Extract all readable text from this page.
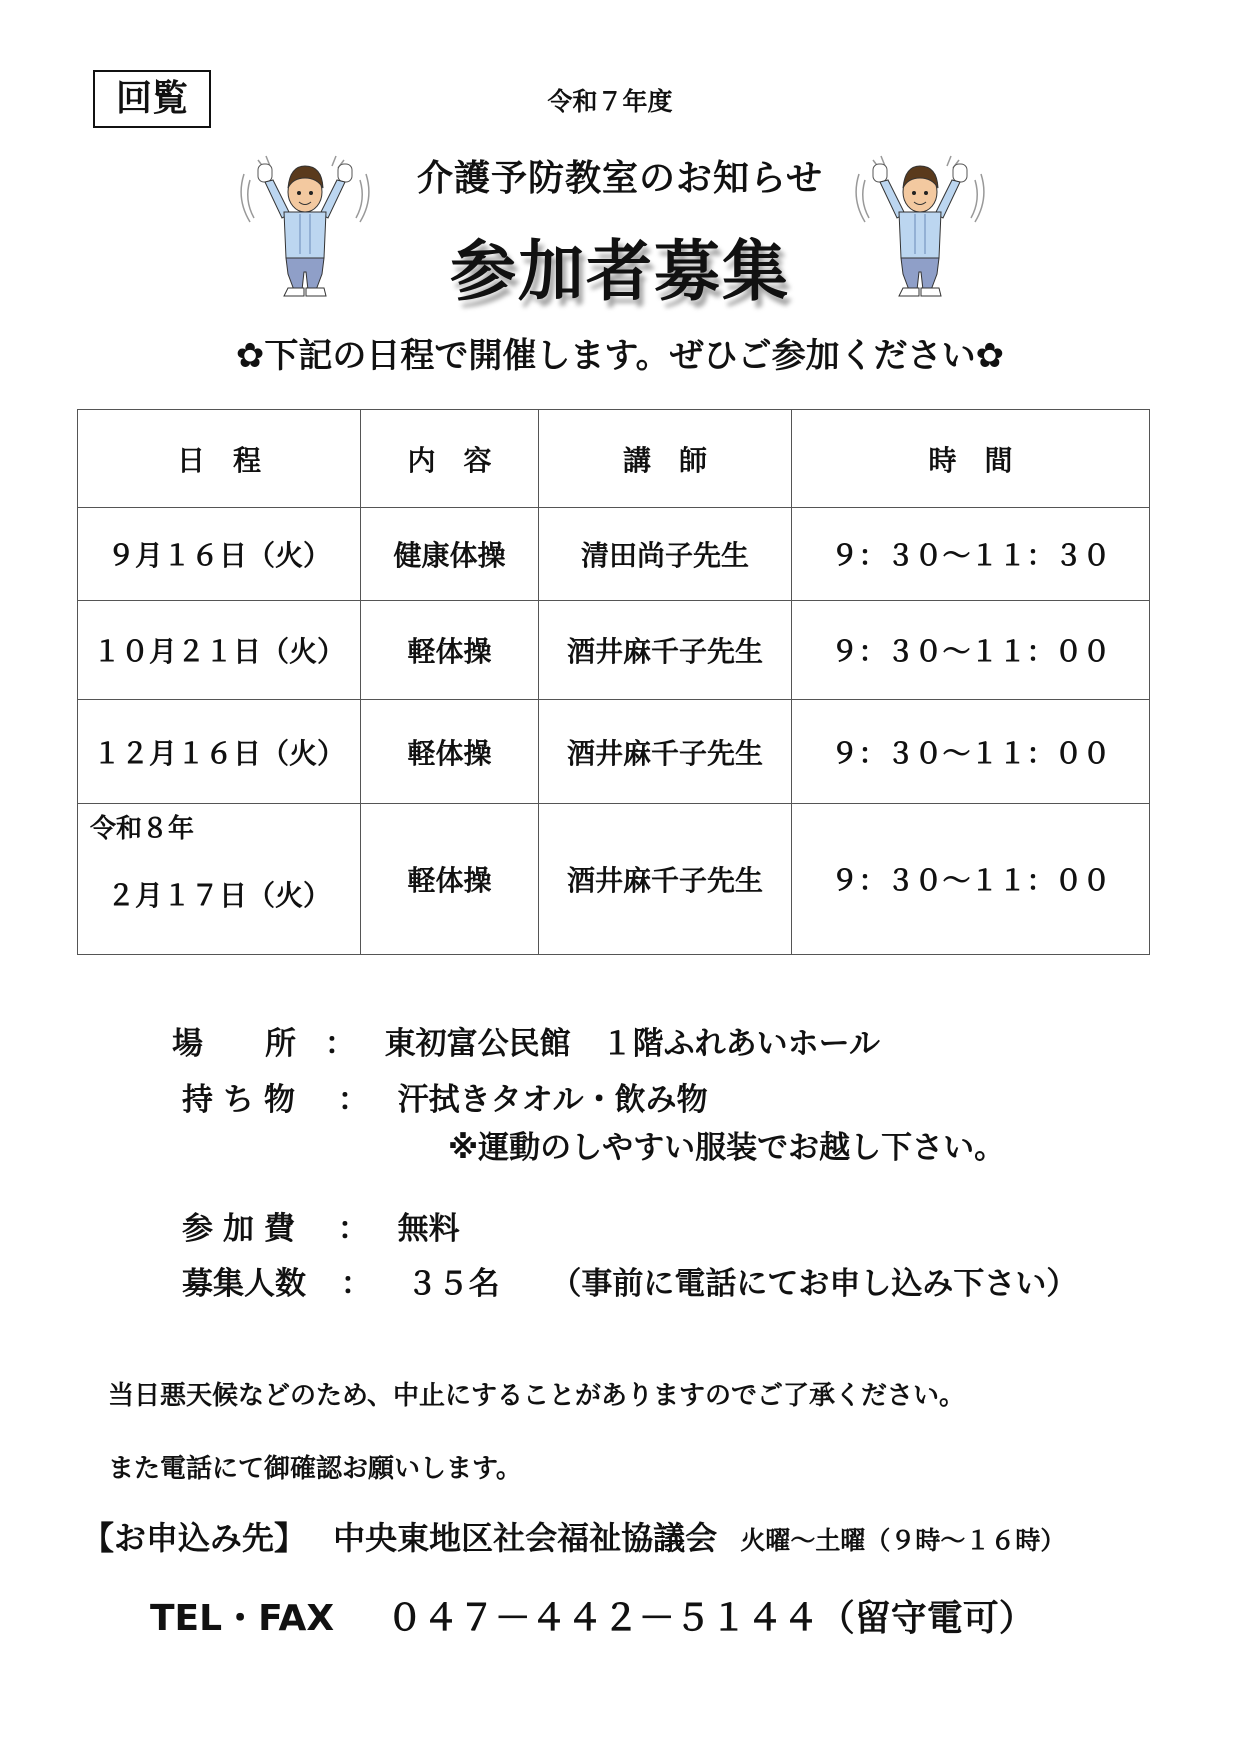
回覧	令和７年度
介護予防教室のお知らせ
参加者募集
✿下記の日程で開催します。ぜひご参加ください✿
日　程	内　容	講　師	時　間
９月１６日（火）	健康体操	清田尚子先生	９：３０～１１：３０
１０月２１日（火）	軽体操	酒井麻千子先生	９：３０～１１：００
１２月１６日（火）	軽体操	酒井麻千子先生	９：３０～１１：００

令和８年
２月１７日（火）	軽体操	酒井麻千子先生	９：３０～１１：００
場　　所 ： 東初富公民館　１階ふれあいホール
持ち物 ： 汗拭きタオル・飲み物
※運動のしやすい服装でお越し下さい。
参加費 ： 無料
募集人数 ： ３５名 （事前に電話にてお申し込み下さい）
当日悪天候などのため、中止にすることがありますのでご了承ください。
また電話にて御確認お願いします。
【お申込み先】 中央東地区社会福祉協議会 火曜～土曜（９時～１６時）
TEL・FAX ０４７－４４２－５１４４（留守電可）
